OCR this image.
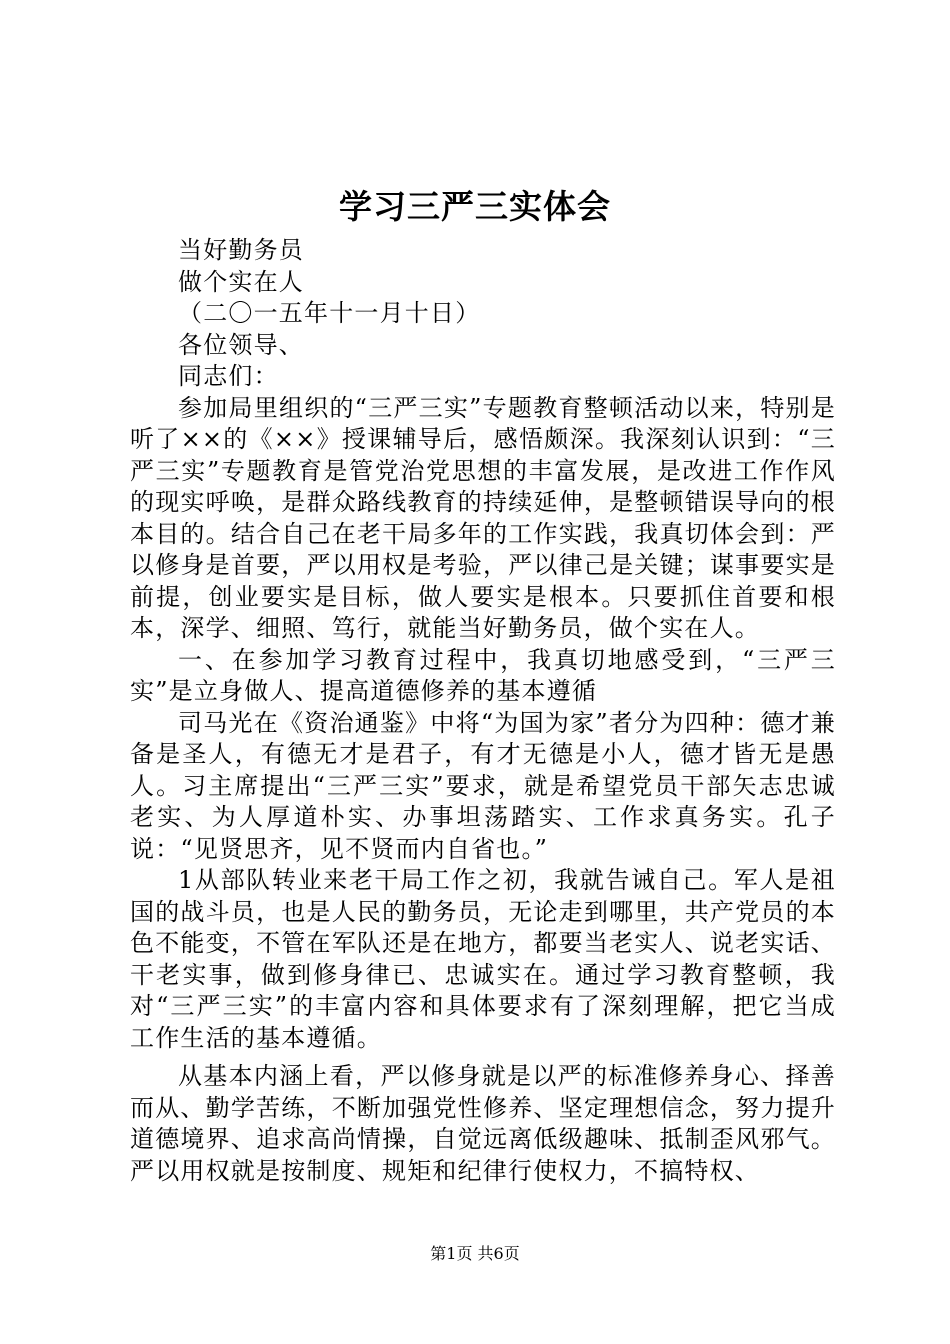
学习三严三实体会

当好勤务员

做个实在人

（二〇一五年十一月十日）

各位领导、

同志们：

参加局里组织的“三严三实”专题教育整顿活动以来，特别是听了××的《××》授课辅导后，感悟颇深。我深刻认识到：“三严三实”专题教育是管党治党思想的丰富发展，是改进工作作风的现实呼唤，是群众路线教育的持续延伸，是整顿错误导向的根本目的。结合自己在老干局多年的工作实践，我真切体会到：严以修身是首要，严以用权是考验，严以律己是关键；谋事要实是前提，创业要实是目标，做人要实是根本。只要抓住首要和根本，深学、细照、笃行，就能当好勤务员，做个实在人。

一、在参加学习教育过程中，我真切地感受到，“三严三实”是立身做人、提高道德修养的基本遵循

司马光在《资治通鉴》中将“为国为家”者分为四种：德才兼备是圣人，有德无才是君子，有才无德是小人，德才皆无是愚人。习主席提出“三严三实”要求，就是希望党员干部矢志忠诚老实、为人厚道朴实、办事坦荡踏实、工作求真务实。孔子说：“见贤思齐，见不贤而内自省也。”

1从部队转业来老干局工作之初，我就告诫自己。军人是祖国的战斗员，也是人民的勤务员，无论走到哪里，共产党员的本色不能变，不管在军队还是在地方，都要当老实人、说老实话、干老实事，做到修身律已、忠诚实在。通过学习教育整顿，我对“三严三实”的丰富内容和具体要求有了深刻理解，把它当成工作生活的基本遵循。

从基本内涵上看，严以修身就是以严的标准修养身心、择善而从、勤学苦练，不断加强党性修养、坚定理想信念，努力提升道德境界、追求高尚情操，自觉远离低级趣味、抵制歪风邪气。严以用权就是按制度、规矩和纪律行使权力，不搞特权、

第1页 共6页
